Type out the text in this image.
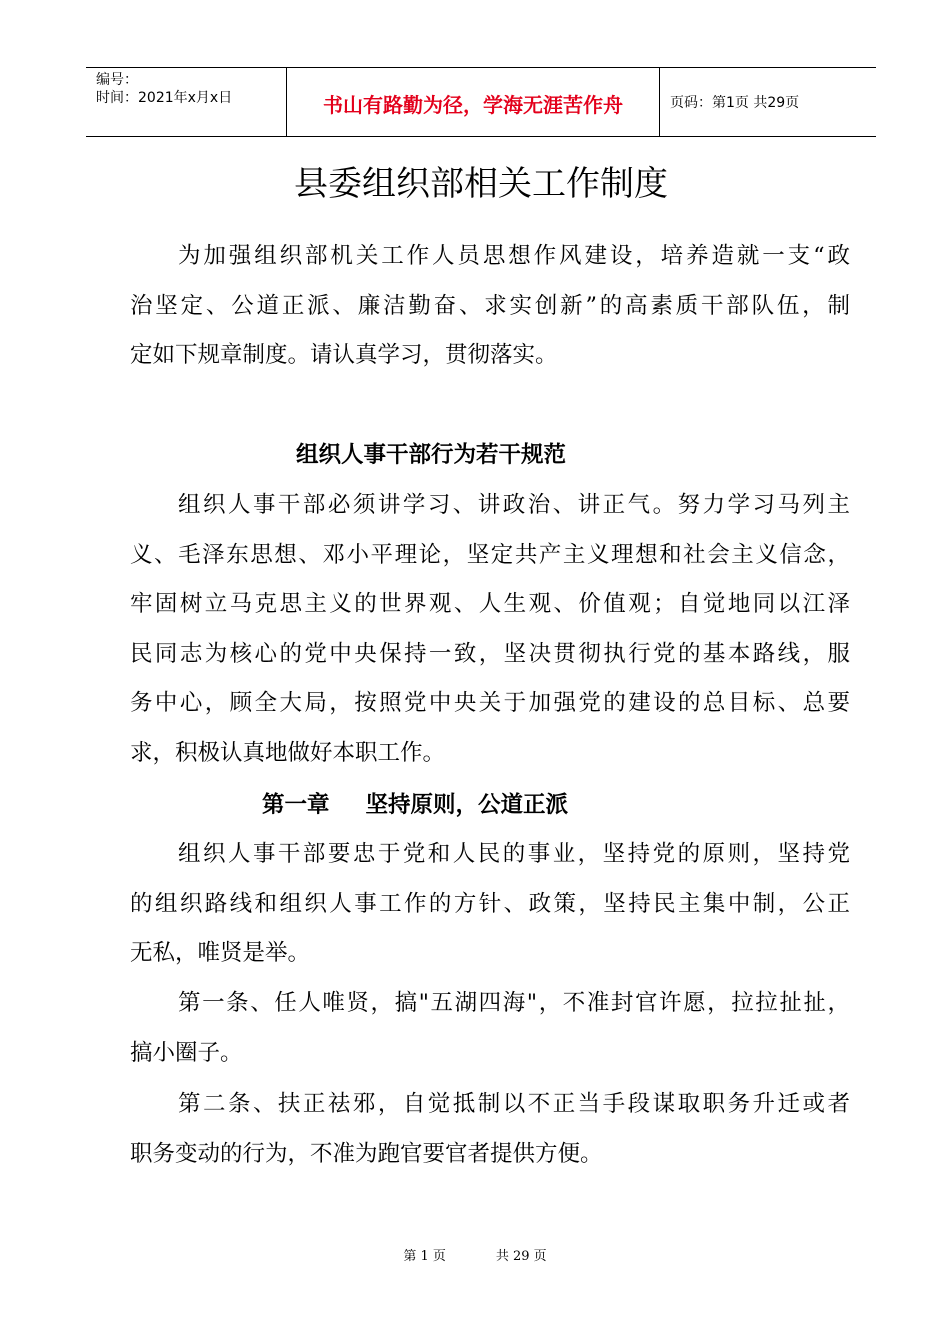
编号：
时间：2021年x月x日	书山有路勤为径，学海无涯苦作舟	页码：第1页 共29页
县委组织部相关工作制度
为加强组织部机关工作人员思想作风建设，培养造就一支“政
治坚定、公道正派、廉洁勤奋、求实创新”的高素质干部队伍，制
定如下规章制度。请认真学习，贯彻落实。
组织人事干部行为若干规范
组织人事干部必须讲学习、讲政治、讲正气。努力学习马列主
义、毛泽东思想、邓小平理论，坚定共产主义理想和社会主义信念，
牢固树立马克思主义的世界观、人生观、价值观；自觉地同以江泽
民同志为核心的党中央保持一致，坚决贯彻执行党的基本路线，服
务中心，顾全大局，按照党中央关于加强党的建设的总目标、总要
求，积极认真地做好本职工作。
第一章 坚持原则，公道正派
组织人事干部要忠于党和人民的事业，坚持党的原则，坚持党
的组织路线和组织人事工作的方针、政策，坚持民主集中制，公正
无私，唯贤是举。
第一条、任人唯贤，搞"五湖四海"，不准封官许愿，拉拉扯扯，
搞小圈子。
第二条、扶正祛邪，自觉抵制以不正当手段谋取职务升迁或者
职务变动的行为，不准为跑官要官者提供方便。
第 1 页	共 29 页
